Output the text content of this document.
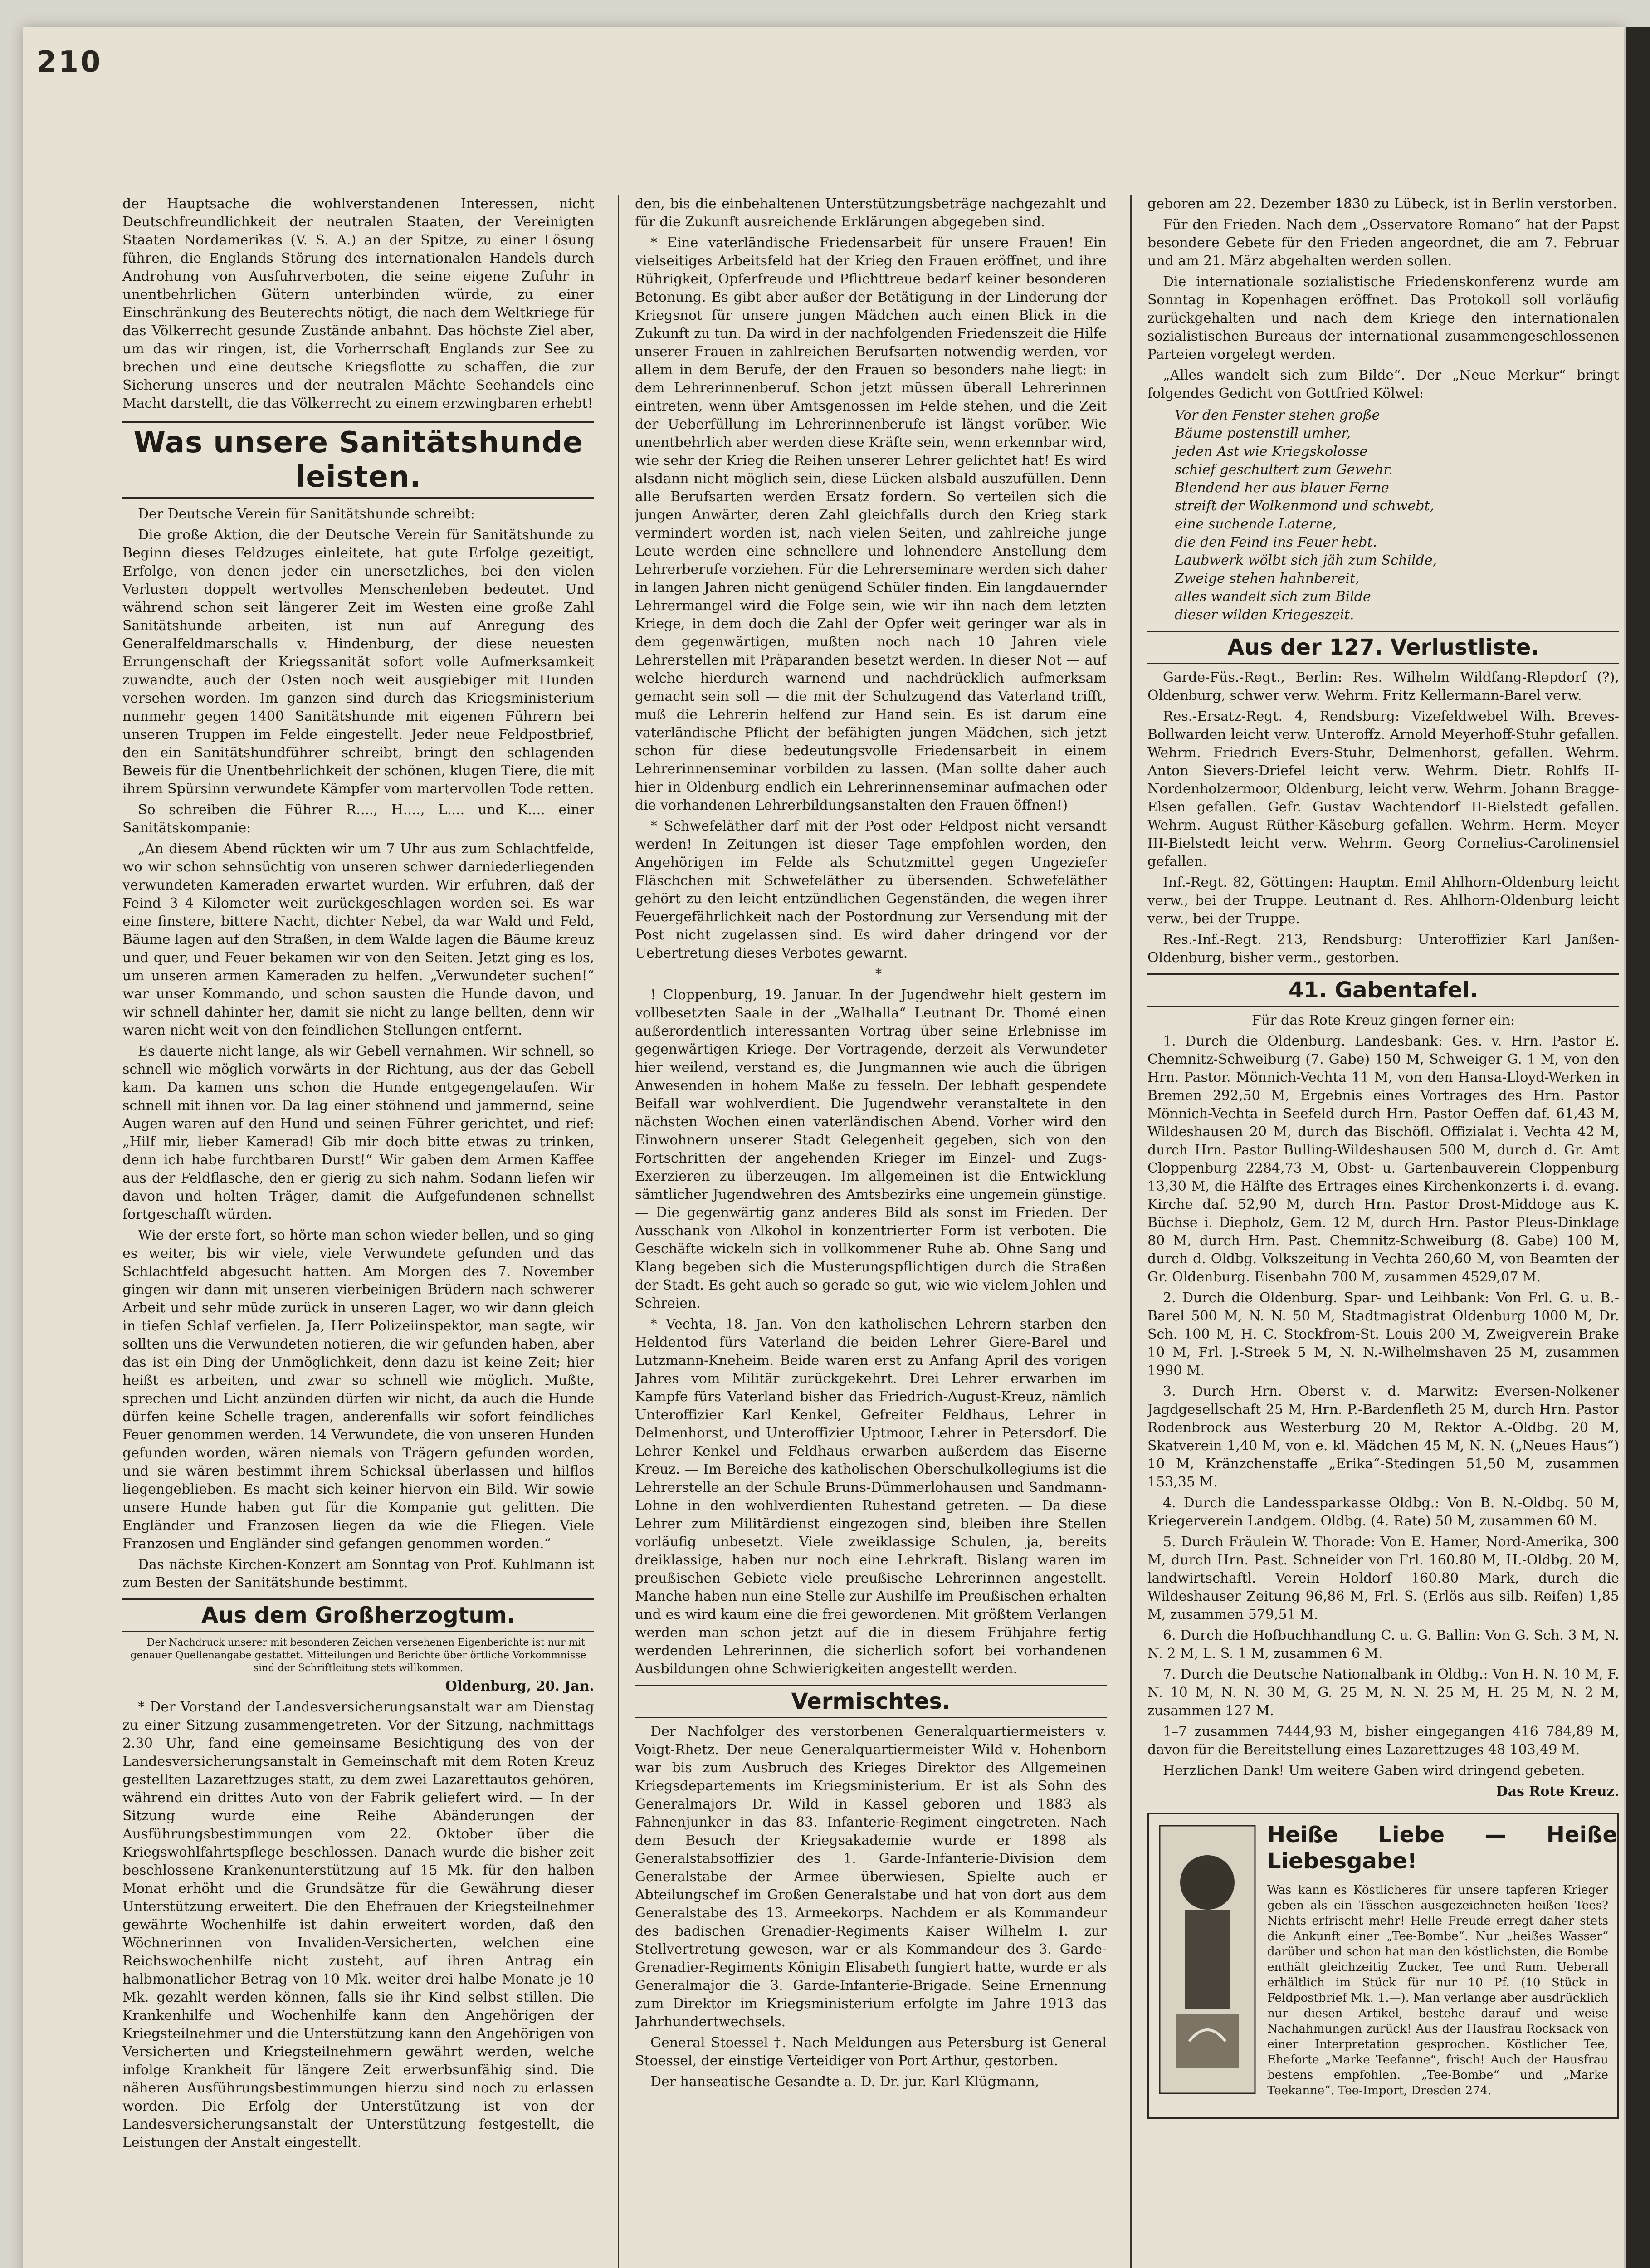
210

der Hauptsache die wohlverstandenen Interessen, nicht Deutschfreundlichkeit der neutralen Staaten, der Vereinigten Staaten Nordamerikas (V. S. A.) an der Spitze, zu einer Lösung führen, die Englands Störung des internationalen Handels durch Androhung von Ausfuhrverboten, die seine eigene Zufuhr in unentbehrlichen Gütern unterbinden würde, zu einer Einschränkung des Beuterechts nötigt, die nach dem Weltkriege für das Völkerrecht gesunde Zustände anbahnt. Das höchste Ziel aber, um das wir ringen, ist, die Vorherrschaft Englands zur See zu brechen und eine deutsche Kriegsflotte zu schaffen, die zur Sicherung unseres und der neutralen Mächte Seehandels eine Macht darstellt, die das Völkerrecht zu einem erzwingbaren erhebt!

Was unsere Sanitätshunde leisten.

Der Deutsche Verein für Sanitätshunde schreibt:

Die große Aktion, die der Deutsche Verein für Sanitätshunde zu Beginn dieses Feldzuges einleitete, hat gute Erfolge gezeitigt, Erfolge, von denen jeder ein unersetzliches, bei den vielen Verlusten doppelt wertvolles Menschenleben bedeutet. Und während schon seit längerer Zeit im Westen eine große Zahl Sanitätshunde arbeiten, ist nun auf Anregung des Generalfeldmarschalls v. Hindenburg, der diese neuesten Errungenschaft der Kriegssanität sofort volle Aufmerksamkeit zuwandte, auch der Osten noch weit ausgiebiger mit Hunden versehen worden. Im ganzen sind durch das Kriegsministerium nunmehr gegen 1400 Sanitätshunde mit eigenen Führern bei unseren Truppen im Felde eingestellt. Jeder neue Feldpostbrief, den ein Sanitätshundführer schreibt, bringt den schlagenden Beweis für die Unentbehrlichkeit der schönen, klugen Tiere, die mit ihrem Spürsinn verwundete Kämpfer vom martervollen Tode retten.

So schreiben die Führer R...., H...., L.... und K.... einer Sanitätskompanie:

„An diesem Abend rückten wir um 7 Uhr aus zum Schlachtfelde, wo wir schon sehnsüchtig von unseren schwer darniederliegenden verwundeten Kameraden erwartet wurden. Wir erfuhren, daß der Feind 3–4 Kilometer weit zurückgeschlagen worden sei. Es war eine finstere, bittere Nacht, dichter Nebel, da war Wald und Feld, Bäume lagen auf den Straßen, in dem Walde lagen die Bäume kreuz und quer, und Feuer bekamen wir von den Seiten. Jetzt ging es los, um unseren armen Kameraden zu helfen. „Verwundeter suchen!“ war unser Kommando, und schon sausten die Hunde davon, und wir schnell dahinter her, damit sie nicht zu lange bellten, denn wir waren nicht weit von den feindlichen Stellungen entfernt.

Es dauerte nicht lange, als wir Gebell vernahmen. Wir schnell, so schnell wie möglich vorwärts in der Richtung, aus der das Gebell kam. Da kamen uns schon die Hunde entgegengelaufen. Wir schnell mit ihnen vor. Da lag einer stöhnend und jammernd, seine Augen waren auf den Hund und seinen Führer gerichtet, und rief: „Hilf mir, lieber Kamerad! Gib mir doch bitte etwas zu trinken, denn ich habe furchtbaren Durst!“ Wir gaben dem Armen Kaffee aus der Feldflasche, den er gierig zu sich nahm. Sodann liefen wir davon und holten Träger, damit die Aufgefundenen schnellst fortgeschafft würden.

Wie der erste fort, so hörte man schon wieder bellen, und so ging es weiter, bis wir viele, viele Verwundete gefunden und das Schlachtfeld abgesucht hatten. Am Morgen des 7. November gingen wir dann mit unseren vierbeinigen Brüdern nach schwerer Arbeit und sehr müde zurück in unseren Lager, wo wir dann gleich in tiefen Schlaf verfielen. Ja, Herr Polizeiinspektor, man sagte, wir sollten uns die Verwundeten notieren, die wir gefunden haben, aber das ist ein Ding der Unmöglichkeit, denn dazu ist keine Zeit; hier heißt es arbeiten, und zwar so schnell wie möglich. Mußte, sprechen und Licht anzünden dürfen wir nicht, da auch die Hunde dürfen keine Schelle tragen, anderenfalls wir sofort feindliches Feuer genommen werden. 14 Verwundete, die von unseren Hunden gefunden worden, wären niemals von Trägern gefunden worden, und sie wären bestimmt ihrem Schicksal überlassen und hilflos liegengeblieben. Es macht sich keiner hiervon ein Bild. Wir sowie unsere Hunde haben gut für die Kompanie gut gelitten. Die Engländer und Franzosen liegen da wie die Fliegen. Viele Franzosen und Engländer sind gefangen genommen worden.“

Das nächste Kirchen-Konzert am Sonntag von Prof. Kuhlmann ist zum Besten der Sanitätshunde bestimmt.

Aus dem Großherzogtum.

Der Nachdruck unserer mit besonderen Zeichen versehenen Eigenberichte ist nur mit genauer Quellenangabe gestattet. Mitteilungen und Berichte über örtliche Vorkommnisse sind der Schriftleitung stets willkommen.

Oldenburg, 20. Jan.

* Der Vorstand der Landesversicherungsanstalt war am Dienstag zu einer Sitzung zusammengetreten. Vor der Sitzung, nachmittags 2.30 Uhr, fand eine gemeinsame Besichtigung des von der Landesversicherungsanstalt in Gemeinschaft mit dem Roten Kreuz gestellten Lazarettzuges statt, zu dem zwei Lazarettautos gehören, während ein drittes Auto von der Fabrik geliefert wird. — In der Sitzung wurde eine Reihe Abänderungen der Ausführungsbestimmungen vom 22. Oktober über die Kriegswohlfahrtspflege beschlossen. Danach wurde die bisher zeit beschlossene Krankenunterstützung auf 15 Mk. für den halben Monat erhöht und die Grundsätze für die Gewährung dieser Unterstützung erweitert. Die den Ehefrauen der Kriegsteilnehmer gewährte Wochenhilfe ist dahin erweitert worden, daß den Wöchnerinnen von Invaliden-Versicherten, welchen eine Reichswochenhilfe nicht zusteht, auf ihren Antrag ein halbmonatlicher Betrag von 10 Mk. weiter drei halbe Monate je 10 Mk. gezahlt werden können, falls sie ihr Kind selbst stillen. Die Krankenhilfe und Wochenhilfe kann den Angehörigen der Kriegsteilnehmer und die Unterstützung kann den Angehörigen von Versicherten und Kriegsteilnehmern gewährt werden, welche infolge Krankheit für längere Zeit erwerbsunfähig sind. Die näheren Ausführungsbestimmungen hierzu sind noch zu erlassen worden. Die Erfolg der Unterstützung ist von der Landesversicherungsanstalt der Unterstützung festgestellt, die Leistungen der Anstalt eingestellt.

den, bis die einbehaltenen Unterstützungsbeträge nachgezahlt und für die Zukunft ausreichende Erklärungen abgegeben sind.

* Eine vaterländische Friedensarbeit für unsere Frauen! Ein vielseitiges Arbeitsfeld hat der Krieg den Frauen eröffnet, und ihre Rührigkeit, Opferfreude und Pflichttreue bedarf keiner besonderen Betonung. Es gibt aber außer der Betätigung in der Linderung der Kriegsnot für unsere jungen Mädchen auch einen Blick in die Zukunft zu tun. Da wird in der nachfolgenden Friedenszeit die Hilfe unserer Frauen in zahlreichen Berufsarten notwendig werden, vor allem in dem Berufe, der den Frauen so besonders nahe liegt: in dem Lehrerinnenberuf. Schon jetzt müssen überall Lehrerinnen eintreten, wenn über Amtsgenossen im Felde stehen, und die Zeit der Ueberfüllung im Lehrerinnenberufe ist längst vorüber. Wie unentbehrlich aber werden diese Kräfte sein, wenn erkennbar wird, wie sehr der Krieg die Reihen unserer Lehrer gelichtet hat! Es wird alsdann nicht möglich sein, diese Lücken alsbald auszufüllen. Denn alle Berufsarten werden Ersatz fordern. So verteilen sich die jungen Anwärter, deren Zahl gleichfalls durch den Krieg stark vermindert worden ist, nach vielen Seiten, und zahlreiche junge Leute werden eine schnellere und lohnendere Anstellung dem Lehrerberufe vorziehen. Für die Lehrerseminare werden sich daher in langen Jahren nicht genügend Schüler finden. Ein langdauernder Lehrermangel wird die Folge sein, wie wir ihn nach dem letzten Kriege, in dem doch die Zahl der Opfer weit geringer war als in dem gegenwärtigen, mußten noch nach 10 Jahren viele Lehrerstellen mit Präparanden besetzt werden. In dieser Not — auf welche hierdurch warnend und nachdrücklich aufmerksam gemacht sein soll — die mit der Schulzugend das Vaterland trifft, muß die Lehrerin helfend zur Hand sein. Es ist darum eine vaterländische Pflicht der befähigten jungen Mädchen, sich jetzt schon für diese bedeutungsvolle Friedensarbeit in einem Lehrerinnenseminar vorbilden zu lassen. (Man sollte daher auch hier in Oldenburg endlich ein Lehrerinnenseminar aufmachen oder die vorhandenen Lehrerbildungsanstalten den Frauen öffnen!)

* Schwefeläther darf mit der Post oder Feldpost nicht versandt werden! In Zeitungen ist dieser Tage empfohlen worden, den Angehörigen im Felde als Schutzmittel gegen Ungeziefer Fläschchen mit Schwefeläther zu übersenden. Schwefeläther gehört zu den leicht entzündlichen Gegenständen, die wegen ihrer Feuergefährlichkeit nach der Postordnung zur Versendung mit der Post nicht zugelassen sind. Es wird daher dringend vor der Uebertretung dieses Verbotes gewarnt.

*

! Cloppenburg, 19. Januar. In der Jugendwehr hielt gestern im vollbesetzten Saale in der „Walhalla“ Leutnant Dr. Thomé einen außerordentlich interessanten Vortrag über seine Erlebnisse im gegenwärtigen Kriege. Der Vortragende, derzeit als Verwundeter hier weilend, verstand es, die Jungmannen wie auch die übrigen Anwesenden in hohem Maße zu fesseln. Der lebhaft gespendete Beifall war wohlverdient. Die Jugendwehr veranstaltete in den nächsten Wochen einen vaterländischen Abend. Vorher wird den Einwohnern unserer Stadt Gelegenheit gegeben, sich von den Fortschritten der angehenden Krieger im Einzel- und Zugs-Exerzieren zu überzeugen. Im allgemeinen ist die Entwicklung sämtlicher Jugendwehren des Amtsbezirks eine ungemein günstige. — Die gegenwärtig ganz anderes Bild als sonst im Frieden. Der Ausschank von Alkohol in konzentrierter Form ist verboten. Die Geschäfte wickeln sich in vollkommener Ruhe ab. Ohne Sang und Klang begeben sich die Musterungspflichtigen durch die Straßen der Stadt. Es geht auch so gerade so gut, wie wie vielem Johlen und Schreien.

* Vechta, 18. Jan. Von den katholischen Lehrern starben den Heldentod fürs Vaterland die beiden Lehrer Giere-Barel und Lutzmann-Kneheim. Beide waren erst zu Anfang April des vorigen Jahres vom Militär zurückgekehrt. Drei Lehrer erwarben im Kampfe fürs Vaterland bisher das Friedrich-August-Kreuz, nämlich Unteroffizier Karl Kenkel, Gefreiter Feldhaus, Lehrer in Delmenhorst, und Unteroffizier Uptmoor, Lehrer in Petersdorf. Die Lehrer Kenkel und Feldhaus erwarben außerdem das Eiserne Kreuz. — Im Bereiche des katholischen Oberschulkollegiums ist die Lehrerstelle an der Schule Bruns-Dümmerlohausen und Sandmann-Lohne in den wohlverdienten Ruhestand getreten. — Da diese Lehrer zum Militärdienst eingezogen sind, bleiben ihre Stellen vorläufig unbesetzt. Viele zweiklassige Schulen, ja, bereits dreiklassige, haben nur noch eine Lehrkraft. Bislang waren im preußischen Gebiete viele preußische Lehrerinnen angestellt. Manche haben nun eine Stelle zur Aushilfe im Preußischen erhalten und es wird kaum eine die frei gewordenen. Mit größtem Verlangen werden man schon jetzt auf die in diesem Frühjahre fertig werdenden Lehrerinnen, die sicherlich sofort bei vorhandenen Ausbildungen ohne Schwierigkeiten angestellt werden.

Vermischtes.

Der Nachfolger des verstorbenen Generalquartiermeisters v. Voigt-Rhetz. Der neue Generalquartiermeister Wild v. Hohenborn war bis zum Ausbruch des Krieges Direktor des Allgemeinen Kriegsdepartements im Kriegsministerium. Er ist als Sohn des Generalmajors Dr. Wild in Kassel geboren und 1883 als Fahnenjunker in das 83. Infanterie-Regiment eingetreten. Nach dem Besuch der Kriegsakademie wurde er 1898 als Generalstabsoffizier des 1. Garde-Infanterie-Division dem Generalstabe der Armee überwiesen, Spielte auch er Abteilungschef im Großen Generalstabe und hat von dort aus dem Generalstabe des 13. Armeekorps. Nachdem er als Kommandeur des badischen Grenadier-Regiments Kaiser Wilhelm I. zur Stellvertretung gewesen, war er als Kommandeur des 3. Garde-Grenadier-Regiments Königin Elisabeth fungiert hatte, wurde er als Generalmajor die 3. Garde-Infanterie-Brigade. Seine Ernennung zum Direktor im Kriegsministerium erfolgte im Jahre 1913 das Jahrhundertwechsels.

General Stoessel †. Nach Meldungen aus Petersburg ist General Stoessel, der einstige Verteidiger von Port Arthur, gestorben.

Der hanseatische Gesandte a. D. Dr. jur. Karl Klügmann,

geboren am 22. Dezember 1830 zu Lübeck, ist in Berlin verstorben.

Für den Frieden. Nach dem „Osservatore Romano“ hat der Papst besondere Gebete für den Frieden angeordnet, die am 7. Februar und am 21. März abgehalten werden sollen.

Die internationale sozialistische Friedenskonferenz wurde am Sonntag in Kopenhagen eröffnet. Das Protokoll soll vorläufig zurückgehalten und nach dem Kriege den internationalen sozialistischen Bureaus der international zusammengeschlossenen Parteien vorgelegt werden.

„Alles wandelt sich zum Bilde“. Der „Neue Merkur“ bringt folgendes Gedicht von Gottfried Kölwel:

Vor den Fenster stehen große
Bäume postenstill umher,
jeden Ast wie Kriegskolosse
schief geschultert zum Gewehr.
Blendend her aus blauer Ferne
streift der Wolkenmond und schwebt,
eine suchende Laterne,
die den Feind ins Feuer hebt.
Laubwerk wölbt sich jäh zum Schilde,
Zweige stehen hahnbereit,
alles wandelt sich zum Bilde
dieser wilden Kriegeszeit.
Aus der 127. Verlustliste.

Garde-Füs.-Regt., Berlin: Res. Wilhelm Wildfang-Rlepdorf (?), Oldenburg, schwer verw. Wehrm. Fritz Kellermann-Barel verw.

Res.-Ersatz-Regt. 4, Rendsburg: Vizefeldwebel Wilh. Breves-Bollwarden leicht verw. Unteroffz. Arnold Meyerhoff-Stuhr gefallen. Wehrm. Friedrich Evers-Stuhr, Delmenhorst, gefallen. Wehrm. Anton Sievers-Driefel leicht verw. Wehrm. Dietr. Rohlfs II-Nordenholzermoor, Oldenburg, leicht verw. Wehrm. Johann Bragge-Elsen gefallen. Gefr. Gustav Wachtendorf II-Bielstedt gefallen. Wehrm. August Rüther-Käseburg gefallen. Wehrm. Herm. Meyer III-Bielstedt leicht verw. Wehrm. Georg Cornelius-Carolinensiel gefallen.

Inf.-Regt. 82, Göttingen: Hauptm. Emil Ahlhorn-Oldenburg leicht verw., bei der Truppe. Leutnant d. Res. Ahlhorn-Oldenburg leicht verw., bei der Truppe.

Res.-Inf.-Regt. 213, Rendsburg: Unteroffizier Karl Janßen-Oldenburg, bisher verm., gestorben.

41. Gabentafel.

Für das Rote Kreuz gingen ferner ein:

1. Durch die Oldenburg. Landesbank: Ges. v. Hrn. Pastor E. Chemnitz-Schweiburg (7. Gabe) 150 M, Schweiger G. 1 M, von den Hrn. Pastor. Mönnich-Vechta 11 M, von den Hansa-Lloyd-Werken in Bremen 292,50 M, Ergebnis eines Vortrages des Hrn. Pastor Mönnich-Vechta in Seefeld durch Hrn. Pastor Oeffen daf. 61,43 M, Wildeshausen 20 M, durch das Bischöfl. Offizialat i. Vechta 42 M, durch Hrn. Pastor Bulling-Wildeshausen 500 M, durch d. Gr. Amt Cloppenburg 2284,73 M, Obst- u. Gartenbauverein Cloppenburg 13,30 M, die Hälfte des Ertrages eines Kirchenkonzerts i. d. evang. Kirche daf. 52,90 M, durch Hrn. Pastor Drost-Middoge aus K. Büchse i. Diepholz, Gem. 12 M, durch Hrn. Pastor Pleus-Dinklage 80 M, durch Hrn. Past. Chemnitz-Schweiburg (8. Gabe) 100 M, durch d. Oldbg. Volkszeitung in Vechta 260,60 M, von Beamten der Gr. Oldenburg. Eisenbahn 700 M, zusammen 4529,07 M.

2. Durch die Oldenburg. Spar- und Leihbank: Von Frl. G. u. B.-Barel 500 M, N. N. 50 M, Stadtmagistrat Oldenburg 1000 M, Dr. Sch. 100 M, H. C. Stockfrom-St. Louis 200 M, Zweigverein Brake 10 M, Frl. J.-Streek 5 M, N. N.-Wilhelmshaven 25 M, zusammen 1990 M.

3. Durch Hrn. Oberst v. d. Marwitz: Eversen-Nolkener Jagdgesellschaft 25 M, Hrn. P.-Bardenfleth 25 M, durch Hrn. Pastor Rodenbrock aus Westerburg 20 M, Rektor A.-Oldbg. 20 M, Skatverein 1,40 M, von e. kl. Mädchen 45 M, N. N. („Neues Haus“) 10 M, Kränzchenstaffe „Erika“-Stedingen 51,50 M, zusammen 153,35 M.

4. Durch die Landessparkasse Oldbg.: Von B. N.-Oldbg. 50 M, Kriegerverein Landgem. Oldbg. (4. Rate) 50 M, zusammen 60 M.

5. Durch Fräulein W. Thorade: Von E. Hamer, Nord-Amerika, 300 M, durch Hrn. Past. Schneider von Frl. 160.80 M, H.-Oldbg. 20 M, landwirtschaftl. Verein Holdorf 160.80 Mark, durch die Wildeshauser Zeitung 96,86 M, Frl. S. (Erlös aus silb. Reifen) 1,85 M, zusammen 579,51 M.

6. Durch die Hofbuchhandlung C. u. G. Ballin: Von G. Sch. 3 M, N. N. 2 M, L. S. 1 M, zusammen 6 M.

7. Durch die Deutsche Nationalbank in Oldbg.: Von H. N. 10 M, F. N. 10 M, N. N. 30 M, G. 25 M, N. N. 25 M, H. 25 M, N. 2 M, zusammen 127 M.

1–7 zusammen 7444,93 M, bisher eingegangen 416 784,89 M, davon für die Bereitstellung eines Lazarettzuges 48 103,49 M.

Herzlichen Dank! Um weitere Gaben wird dringend gebeten.

Das Rote Kreuz.

Heiße Liebe — Heiße Liebesgabe!
Was kann es Köstlicheres für unsere tapferen Krieger geben als ein Tässchen ausgezeichneten heißen Tees? Nichts erfrischt mehr! Helle Freude erregt daher stets die Ankunft einer „Tee-Bombe“. Nur „heißes Wasser“ darüber und schon hat man den köstlichsten, die Bombe enthält gleichzeitig Zucker, Tee und Rum. Ueberall erhältlich im Stück für nur 10 Pf. (10 Stück in Feldpostbrief Mk. 1.—). Man verlange aber ausdrücklich nur diesen Artikel, bestehe darauf und weise Nachahmungen zurück! Aus der Hausfrau Rocksack von einer Interpretation gesprochen. Köstlicher Tee, Eheforte „Marke Teefanne“, frisch! Auch der Hausfrau bestens empfohlen. „Tee-Bombe“ und „Marke Teekanne“. Tee-Import, Dresden 274.
